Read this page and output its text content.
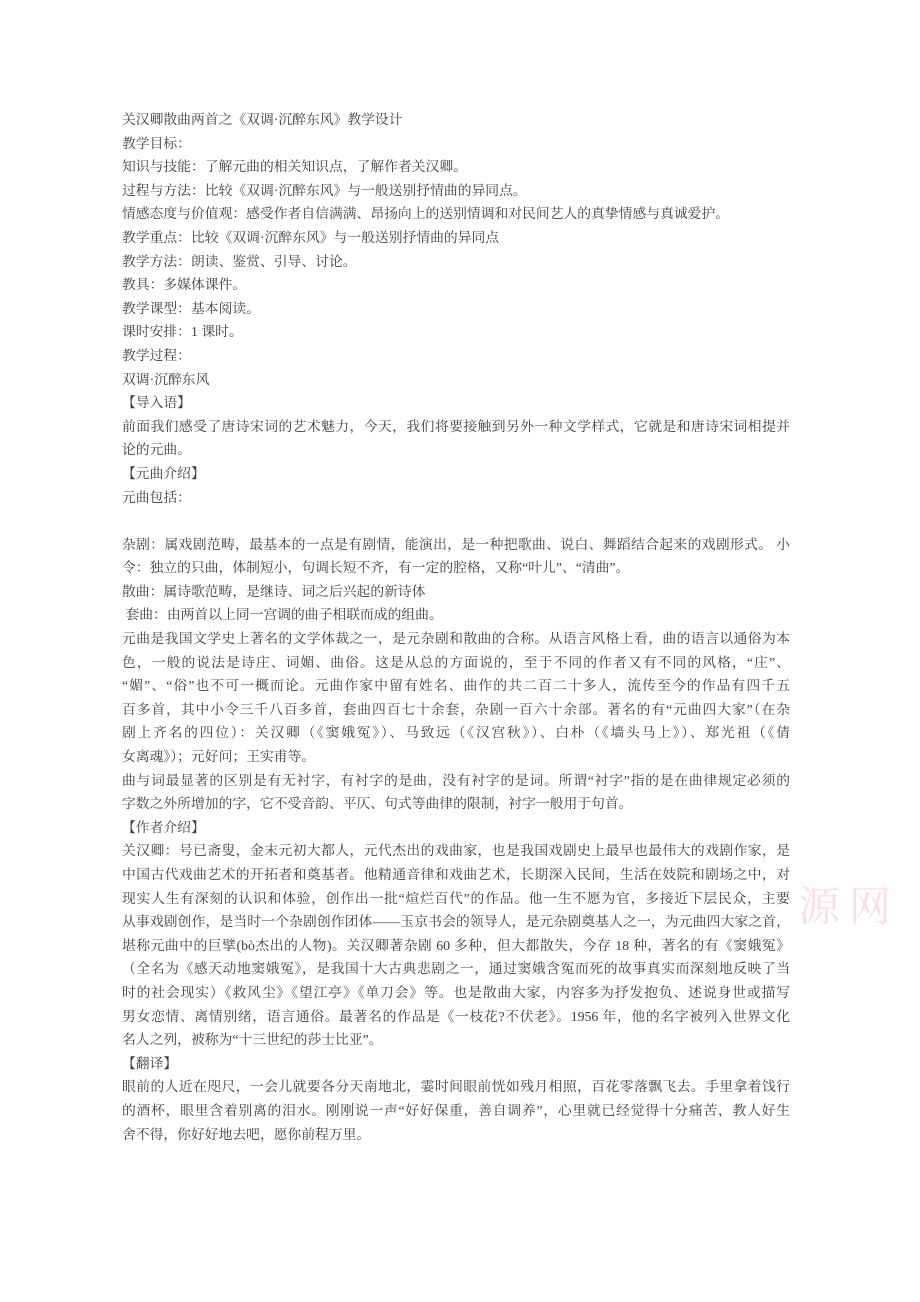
关汉卿散曲两首之《双调·沉醉东风》教学设计
教学目标：
知识与技能：了解元曲的相关知识点，了解作者关汉卿。
过程与方法：比较《双调·沉醉东风》与一般送别抒情曲的异同点。
情感态度与价值观：感受作者自信满满、昂扬向上的送别情调和对民间艺人的真挚情感与真诚爱护。
教学重点：比较《双调·沉醉东风》与一般送别抒情曲的异同点
教学方法：朗读、鉴赏、引导、讨论。
教具：多媒体课件。
教学课型：基本阅读。
课时安排：1 课时。
教学过程：
双调·沉醉东风
【导入语】
前面我们感受了唐诗宋词的艺术魅力，今天，我们将要接触到另外一种文学样式，它就是和唐诗宋词相提并
论的元曲。
【元曲介绍】
元曲包括：
杂剧：属戏剧范畴，最基本的一点是有剧情，能演出，是一种把歌曲、说白、舞蹈结合起来的戏剧形式。 小
令：独立的只曲，体制短小，句调长短不齐，有一定的腔格，又称“叶儿”、“清曲”。
散曲：属诗歌范畴，是继诗、词之后兴起的新诗体
套曲：由两首以上同一宫调的曲子相联而成的组曲。
元曲是我国文学史上著名的文学体裁之一，是元杂剧和散曲的合称。从语言风格上看，曲的语言以通俗为本
色，一般的说法是诗庄、词媚、曲俗。这是从总的方面说的，至于不同的作者又有不同的风格，“庄”、
“媚”、“俗”也不可一概而论。元曲作家中留有姓名、曲作的共二百二十多人，流传至今的作品有四千五
百多首，其中小令三千八百多首，套曲四百七十余套，杂剧一百六十余部。著名的有“元曲四大家”（在杂
剧上齐名的四位）：关汉卿（《窦娥冤》）、马致远（《汉宫秋》）、白朴（《墙头马上》）、郑光祖（《倩
女离魂》）；元好问；王实甫等。
曲与词最显著的区别是有无衬字，有衬字的是曲，没有衬字的是词。所谓“衬字”指的是在曲律规定必须的
字数之外所增加的字，它不受音韵、平仄、句式等曲律的限制，衬字一般用于句首。
【作者介绍】
关汉卿：号已斋叟，金末元初大都人，元代杰出的戏曲家，也是我国戏剧史上最早也最伟大的戏剧作家，是
中国古代戏曲艺术的开拓者和奠基者。他精通音律和戏曲艺术，长期深入民间，生活在妓院和剧场之中，对
现实人生有深刻的认识和体验，创作出一批“煊烂百代”的作品。他一生不愿为官，多接近下层民众，主要
从事戏剧创作，是当时一个杂剧创作团体——玉京书会的领导人，是元杂剧奠基人之一，为元曲四大家之首，
堪称元曲中的巨擘(bò杰出的人物)。关汉卿著杂剧 60 多种，但大都散失，今存 18 种，著名的有《窦娥冤》
（全名为《感天动地窦娥冤》，是我国十大古典悲剧之一，通过窦娥含冤而死的故事真实而深刻地反映了当
时的社会现实）《救风尘》《望江亭》《单刀会》等。也是散曲大家，内容多为抒发抱负、述说身世或描写
男女恋情、离情别绪，语言通俗。最著名的作品是《一枝花?不伏老》。1956 年，他的名字被列入世界文化
名人之列，被称为“十三世纪的莎士比亚”。
【翻译】
眼前的人近在咫尺，一会儿就要各分天南地北，霎时间眼前恍如残月相照，百花零落飘飞去。手里拿着饯行
的酒杯，眼里含着别离的泪水。刚刚说一声“好好保重，善自调养”，心里就已经觉得十分痛苦，教人好生
舍不得，你好好地去吧，愿你前程万里。
源网
